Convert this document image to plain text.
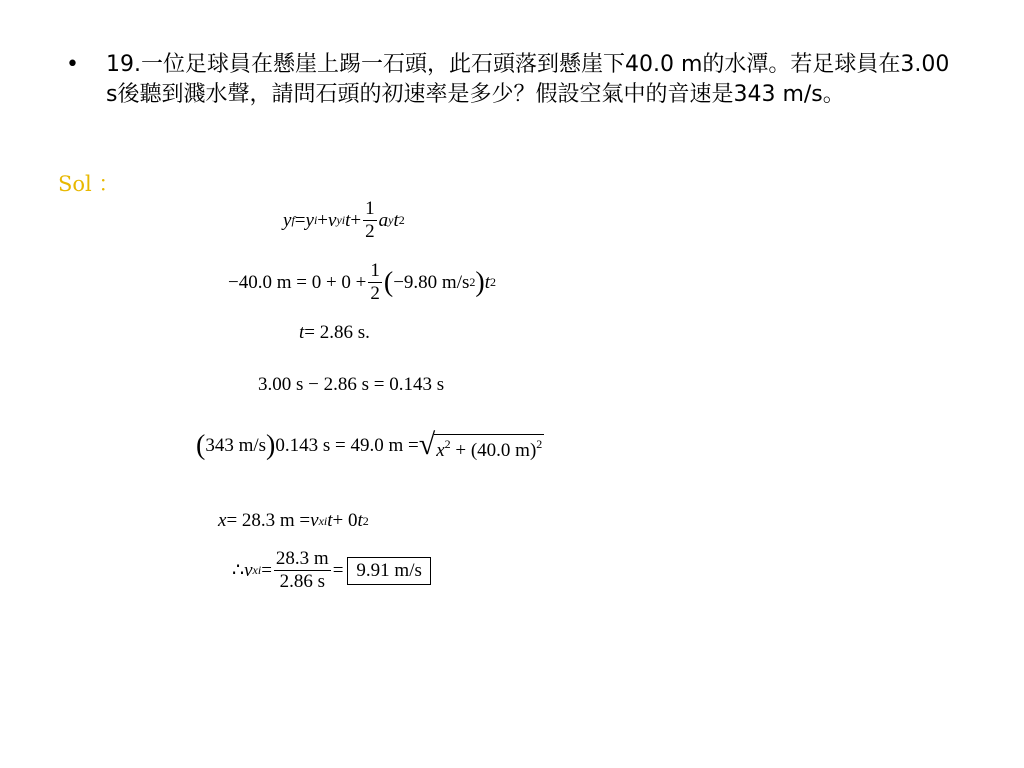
• 19.一位足球員在懸崖上踢一石頭，此石頭落到懸崖下40.0 m的水潭。若足球員在3.00 s後聽到濺水聲，請問石頭的初速率是多少？假設空氣中的音速是343 m/s。
Sol ：
y f = y i + v yi $t + \frac{1}{2}$ a y t 2
−40.0 $m = 0 + 0 + \frac{1}{2}$ ( −9.80 m/s 2 ) t 2
t = 2.86 s.
3.00 s − 2.86 s = 0.143 s
( 343 m/s ) 0.143 s = 49.0 m = √ $x^2 + (40.0$ m)$^2$
x = 28.3 m = v xi t + 0 t 2
∴ v xi = $\frac{28.3 m}{2.86 s} = 9.91$ m/s
